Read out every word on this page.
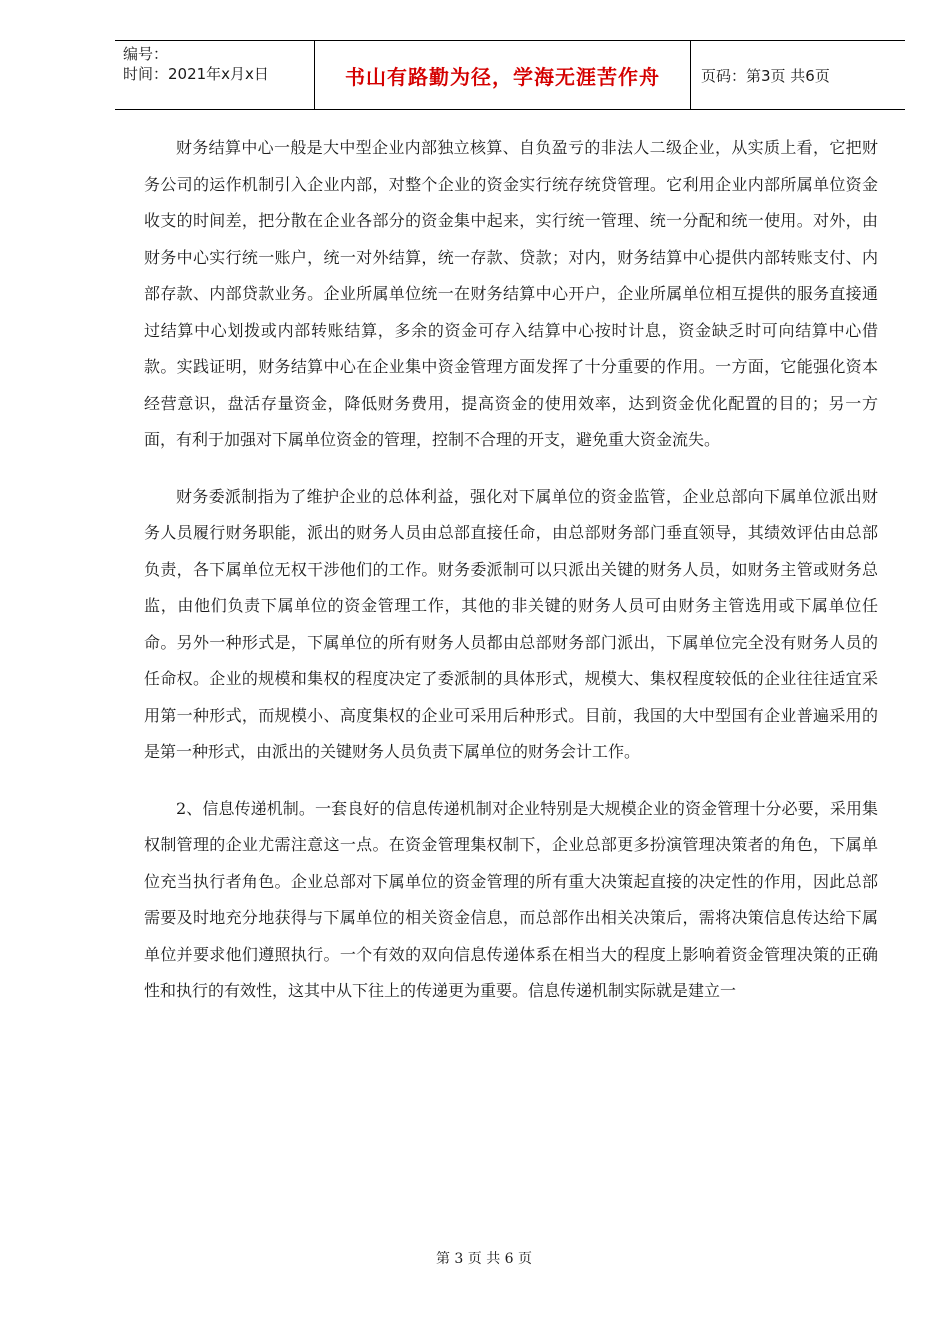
编号：
时间：2021年x月x日	书山有路勤为径，学海无涯苦作舟	页码：第3页 共6页

财务结算中心一般是大中型企业内部独立核算、自负盈亏的非法人二级企业，从实质上看，它把财务公司的运作机制引入企业内部，对整个企业的资金实行统存统贷管理。它利用企业内部所属单位资金收支的时间差，把分散在企业各部分的资金集中起来，实行统一管理、统一分配和统一使用。对外，由财务中心实行统一账户，统一对外结算，统一存款、贷款；对内，财务结算中心提供内部转账支付、内部存款、内部贷款业务。企业所属单位统一在财务结算中心开户，企业所属单位相互提供的服务直接通过结算中心划拨或内部转账结算，多余的资金可存入结算中心按时计息，资金缺乏时可向结算中心借款。实践证明，财务结算中心在企业集中资金管理方面发挥了十分重要的作用。一方面，它能强化资本经营意识，盘活存量资金，降低财务费用，提高资金的使用效率，达到资金优化配置的目的；另一方面，有利于加强对下属单位资金的管理，控制不合理的开支，避免重大资金流失。

财务委派制指为了维护企业的总体利益，强化对下属单位的资金监管，企业总部向下属单位派出财务人员履行财务职能，派出的财务人员由总部直接任命，由总部财务部门垂直领导，其绩效评估由总部负责，各下属单位无权干涉他们的工作。财务委派制可以只派出关键的财务人员，如财务主管或财务总监，由他们负责下属单位的资金管理工作，其他的非关键的财务人员可由财务主管选用或下属单位任命。另外一种形式是，下属单位的所有财务人员都由总部财务部门派出，下属单位完全没有财务人员的任命权。企业的规模和集权的程度决定了委派制的具体形式，规模大、集权程度较低的企业往往适宜采用第一种形式，而规模小、高度集权的企业可采用后种形式。目前，我国的大中型国有企业普遍采用的是第一种形式，由派出的关键财务人员负责下属单位的财务会计工作。

2、信息传递机制。一套良好的信息传递机制对企业特别是大规模企业的资金管理十分必要，采用集权制管理的企业尤需注意这一点。在资金管理集权制下，企业总部更多扮演管理决策者的角色，下属单位充当执行者角色。企业总部对下属单位的资金管理的所有重大决策起直接的决定性的作用，因此总部需要及时地充分地获得与下属单位的相关资金信息，而总部作出相关决策后，需将决策信息传达给下属单位并要求他们遵照执行。一个有效的双向信息传递体系在相当大的程度上影响着资金管理决策的正确性和执行的有效性，这其中从下往上的传递更为重要。信息传递机制实际就是建立一

第 3 页 共 6 页
